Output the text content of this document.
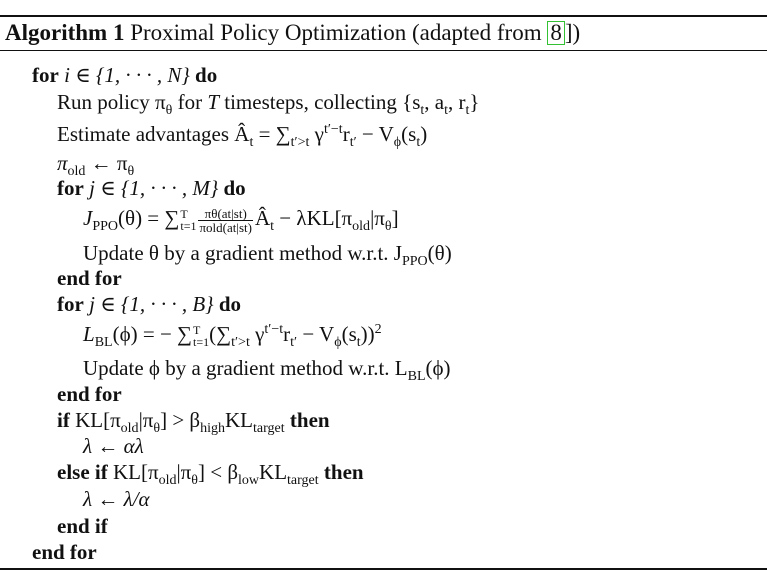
Algorithm 1 Proximal Policy Optimization (adapted from 8 ])
for i ∈ {1, · · · , N} do
Run policy $\pi_\theta$ for T timesteps, collecting {$s_t$, $a_t$, $r_t$}
Estimate advantages $Â_t = \sum_{t'>t}$ $\gamma^{t'-t}r_{t'} - V_\phi(s_t)$
$\pi_{old}$ ← $\pi_\theta$
for j ∈ {1, · · · , M} do
$J_{PPO}(\theta)$ = ∑ T
$t=1 \frac{\pi\theta(at|st)}{\text{πold(at|st)}}$ $Â_t - \lambda KL[\pi_{old}|\pi_\theta]$
Update θ by a gradient method w.r.t. $J_{PPO}(\theta)$
end for
for j ∈ {1, · · · , B} do
$L_{BL}(\phi)$ = − ∑ T
t=1 ($\sum_{t'>t}$ $\gamma^{t'-t}r_{t'} - V_\phi(s_t))^2$
Update ϕ by a gradient method w.r.t. $L_{BL}(\phi)$
end for
if $KL[\pi_{old}|\pi_\theta] > \beta_{high}KL_{target}$ then
λ ← αλ
else if $KL[\pi_{old}|\pi_\theta] < \beta_{low}KL_{target}$ then
λ ← λ/α
end if
end for
